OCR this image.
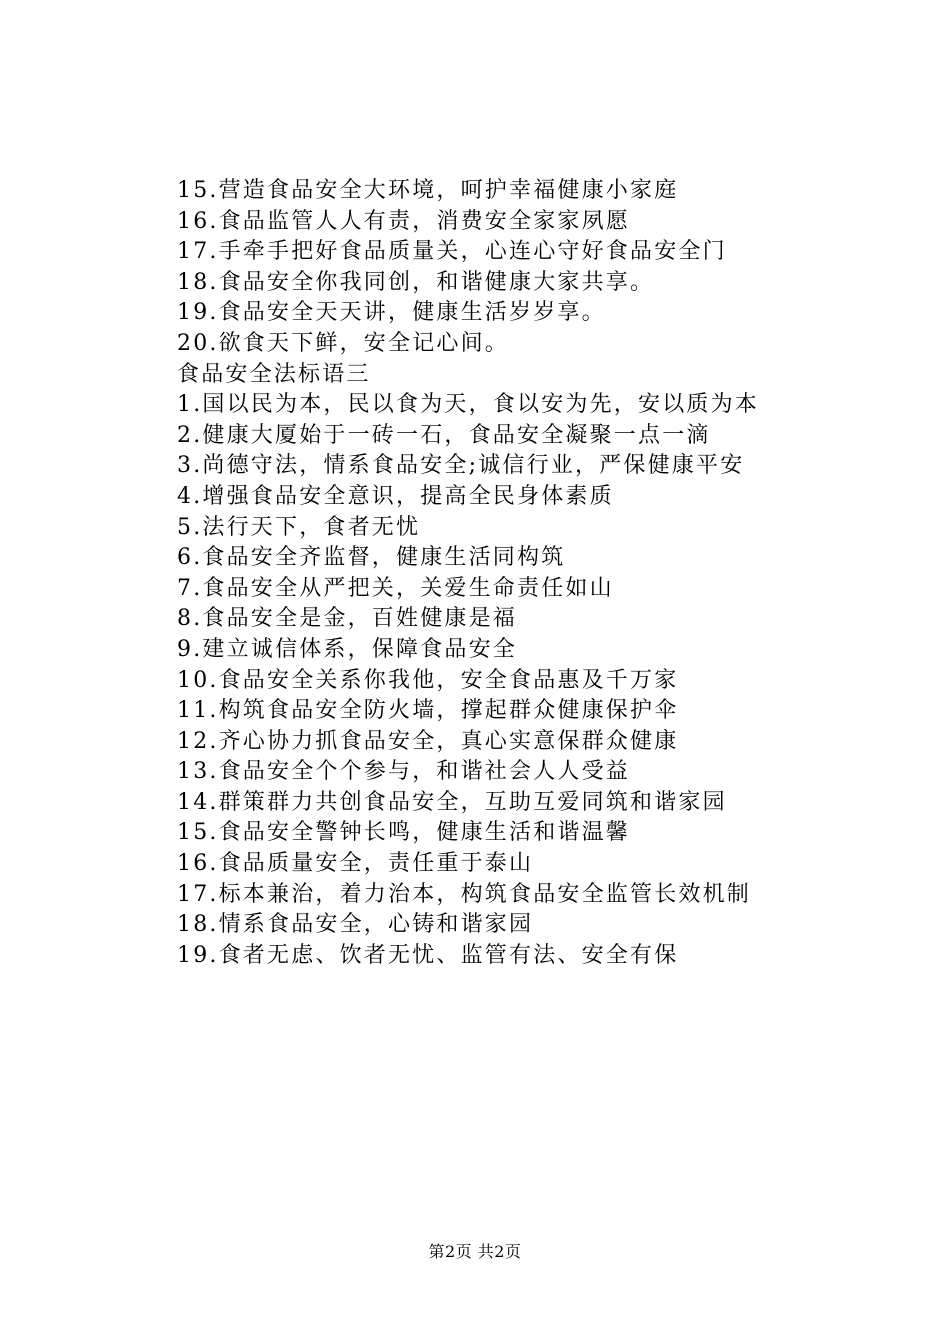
15.营造食品安全大环境，呵护幸福健康小家庭
16.食品监管人人有责，消费安全家家夙愿
17.手牵手把好食品质量关，心连心守好食品安全门
18.食品安全你我同创，和谐健康大家共享。
19.食品安全天天讲，健康生活岁岁享。
20.欲食天下鲜，安全记心间。
食品安全法标语三
1.国以民为本，民以食为天，食以安为先，安以质为本
2.健康大厦始于一砖一石，食品安全凝聚一点一滴
3.尚德守法，情系食品安全;诚信行业，严保健康平安
4.增强食品安全意识，提高全民身体素质
5.法行天下，食者无忧
6.食品安全齐监督，健康生活同构筑
7.食品安全从严把关，关爱生命责任如山
8.食品安全是金，百姓健康是福
9.建立诚信体系，保障食品安全
10.食品安全关系你我他，安全食品惠及千万家
11.构筑食品安全防火墙，撑起群众健康保护伞
12.齐心协力抓食品安全，真心实意保群众健康
13.食品安全个个参与，和谐社会人人受益
14.群策群力共创食品安全，互助互爱同筑和谐家园
15.食品安全警钟长鸣，健康生活和谐温馨
16.食品质量安全，责任重于泰山
17.标本兼治，着力治本，构筑食品安全监管长效机制
18.情系食品安全，心铸和谐家园
19.食者无虑、饮者无忧、监管有法、安全有保
第2页 共2页
